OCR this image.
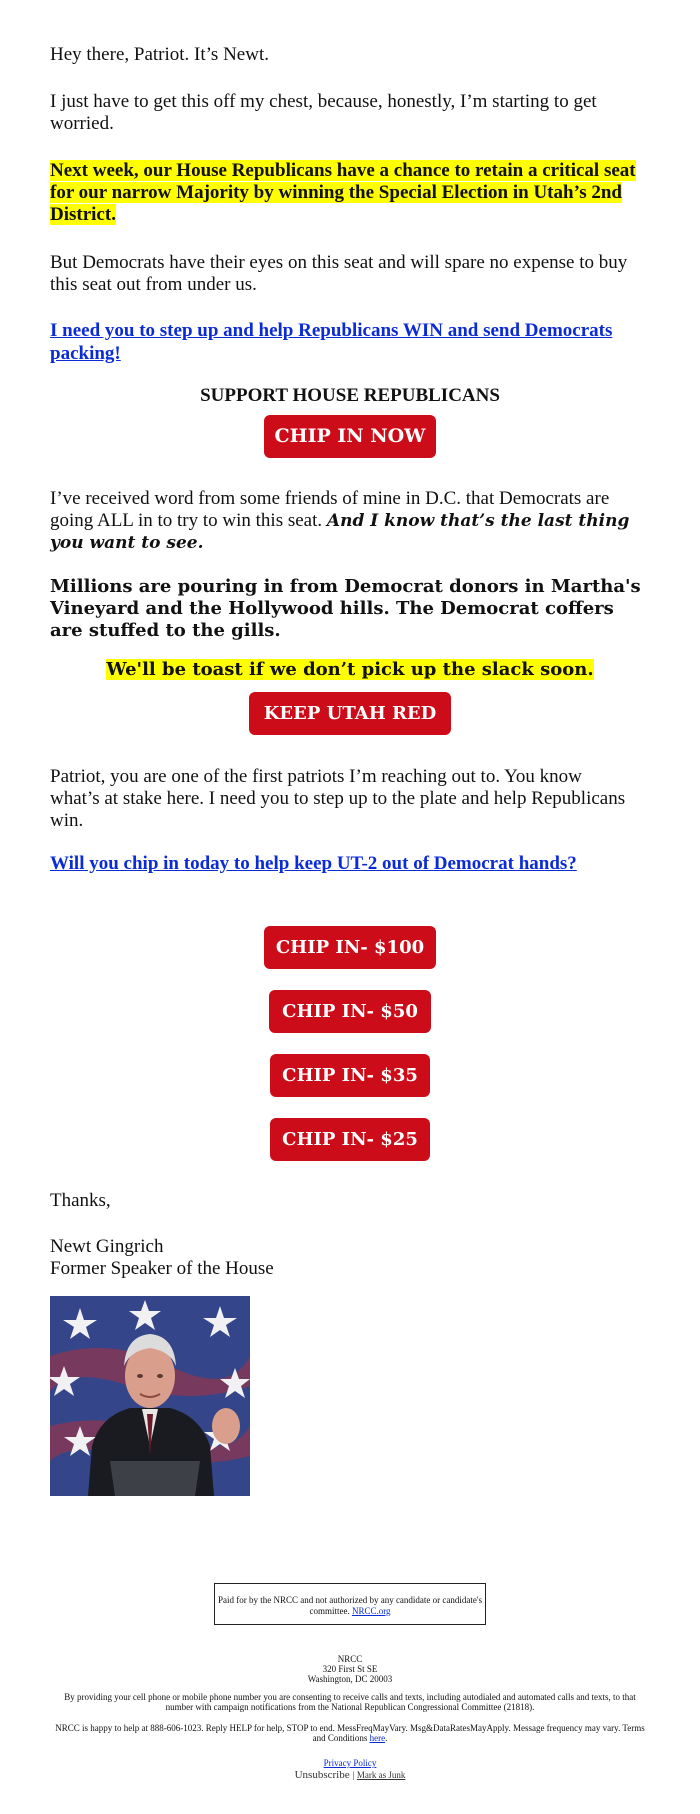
Hey there, Patriot. It’s Newt.

I just have to get this off my chest, because, honestly, I’m starting to get worried.

Next week, our House Republicans have a chance to retain a critical seat for our narrow Majority by winning the Special Election in Utah’s 2nd District.

But Democrats have their eyes on this seat and will spare no expense to buy this seat out from under us.

I need you to step up and help Republicans WIN and send Democrats packing!

SUPPORT HOUSE REPUBLICANS

CHIP IN NOW

I’ve received word from some friends of mine in D.C. that Democrats are going ALL in to try to win this seat. And I know that’s the last thing you want to see.

Millions are pouring in from Democrat donors in Martha's Vineyard and the Hollywood hills. The Democrat coffers are stuffed to the gills.

We'll be toast if we don’t pick up the slack soon.

KEEP UTAH RED

Patriot, you are one of the first patriots I’m reaching out to. You know what’s at stake here. I need you to step up to the plate and help Republicans win.

Will you chip in today to help keep UT-2 out of Democrat hands?

CHIP IN- $100
CHIP IN- $50
CHIP IN- $35
CHIP IN- $25

Thanks,

Newt Gingrich

Former Speaker of the House

Paid for by the NRCC and not authorized by any candidate or candidate's committee. NRCC.org

NRCC

320 First St SE

Washington, DC 20003

By providing your cell phone or mobile phone number you are consenting to receive calls and texts, including autodialed and automated calls and texts, to that number with campaign notifications from the National Republican Congressional Committee (21818).

NRCC is happy to help at 888-606-1023. Reply HELP for help, STOP to end. MessFreqMayVary. Msg&DataRatesMayApply. Message frequency may vary. Terms and Conditions here.

Privacy Policy

Unsubscribe | Mark as Junk
